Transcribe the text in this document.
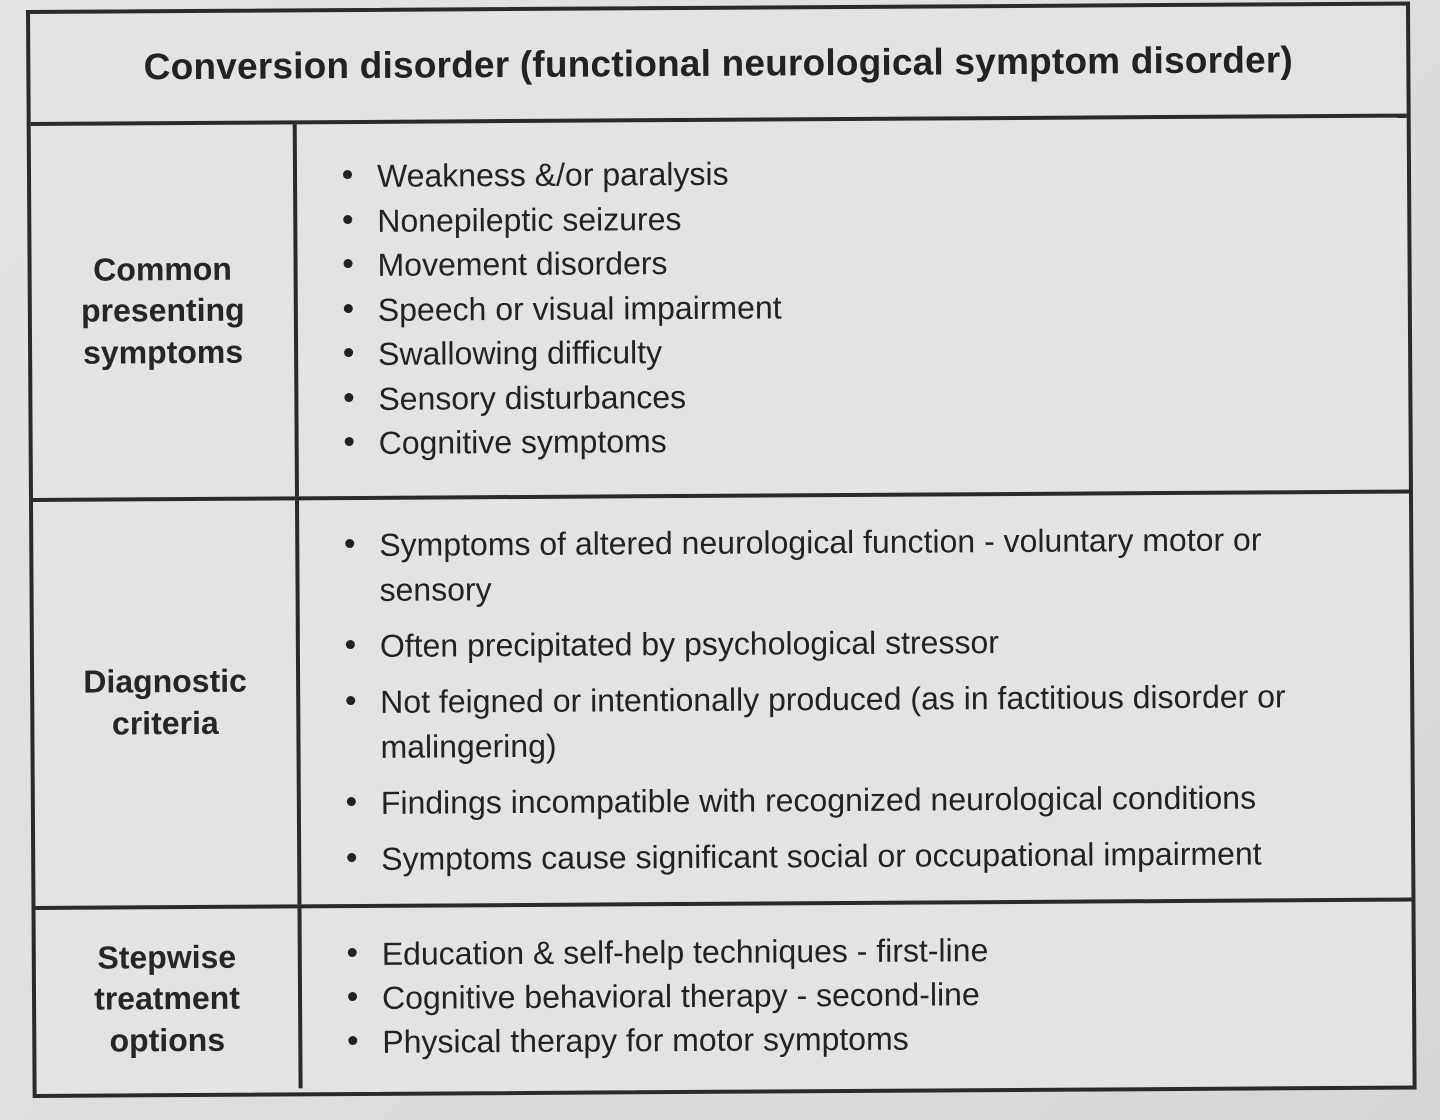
Conversion disorder (functional neurological symptom disorder)
Common
presenting
symptoms
Weakness &/or paralysis
Nonepileptic seizures
Movement disorders
Speech or visual impairment
Swallowing difficulty
Sensory disturbances
Cognitive symptoms
Diagnostic
criteria
Symptoms of altered neurological function - voluntary motor or sensory
Often precipitated by psychological stressor
Not feigned or intentionally produced (as in factitious disorder or malingering)
Findings incompatible with recognized neurological conditions
Symptoms cause significant social or occupational impairment
Stepwise
treatment
options
Education & self-help techniques - first-line
Cognitive behavioral therapy - second-line
Physical therapy for motor symptoms
